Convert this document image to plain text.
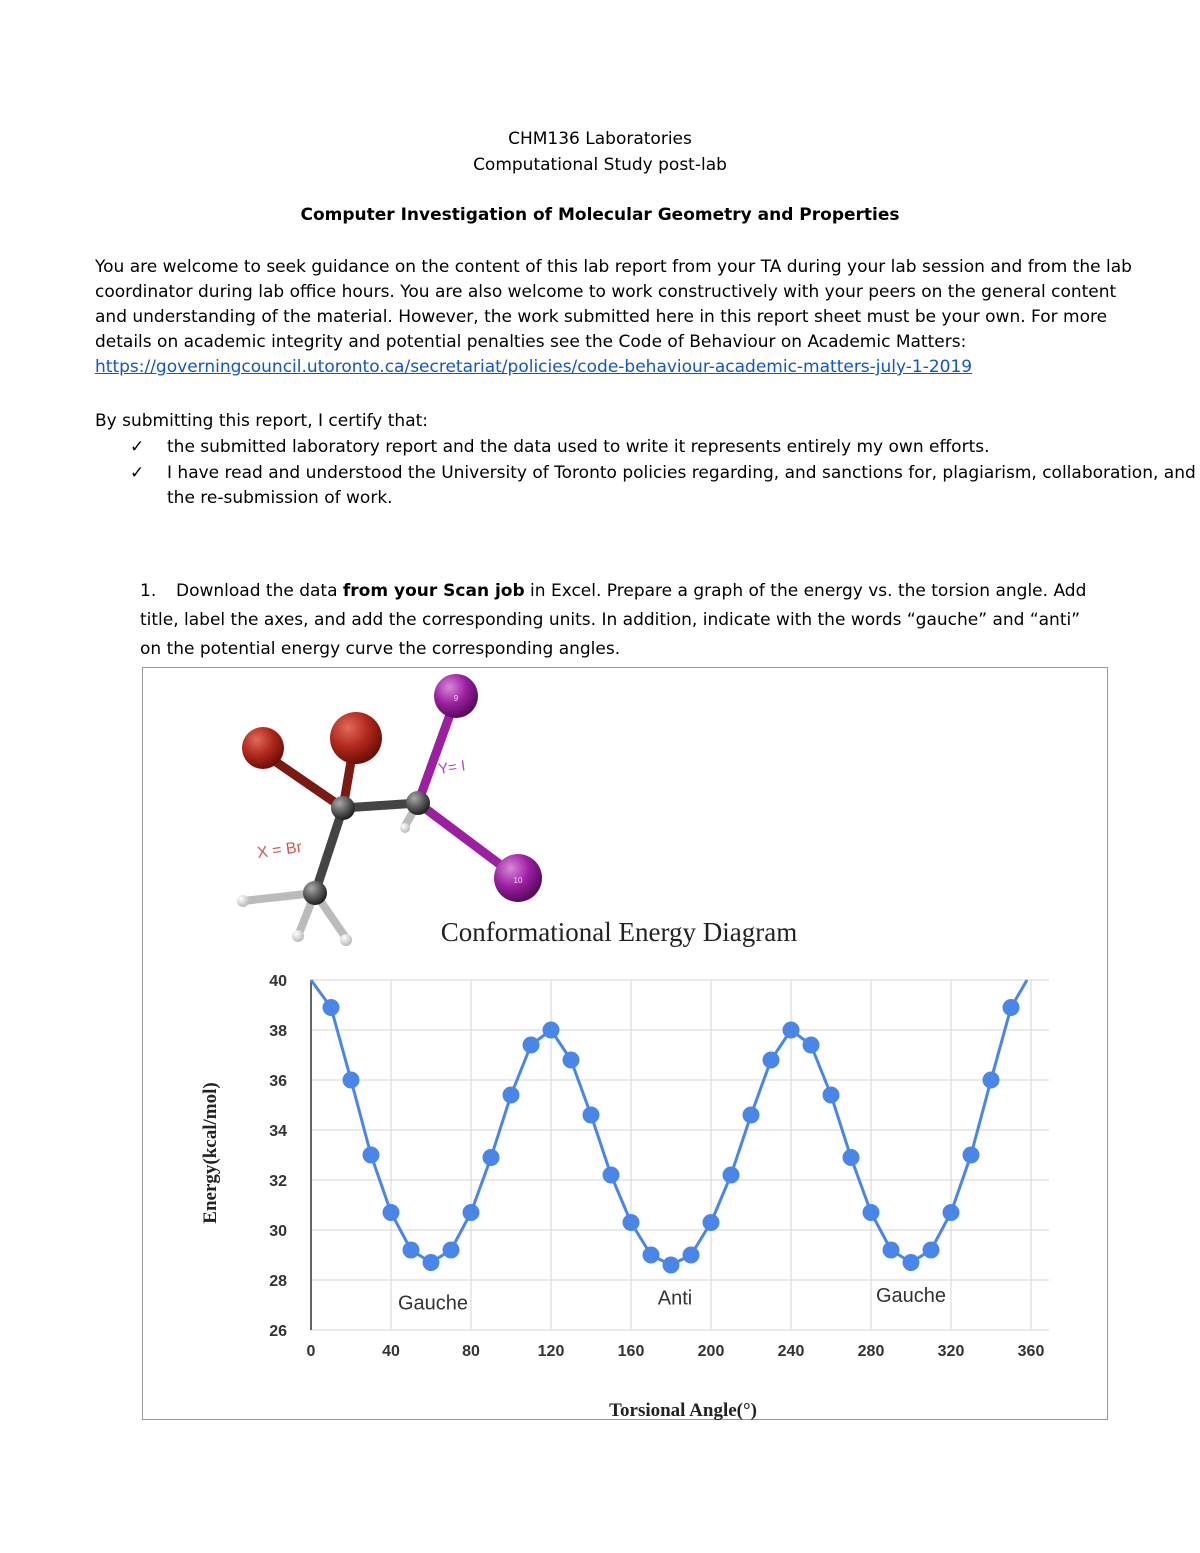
CHM136 Laboratories
Computational Study post-lab
Computer Investigation of Molecular Geometry and Properties
You are welcome to seek guidance on the content of this lab report from your TA during your lab session and from the lab coordinator during lab office hours. You are also welcome to work constructively with your peers on the general content and understanding of the material. However, the work submitted here in this report sheet must be your own. For more details on academic integrity and potential penalties see the Code of Behaviour on Academic Matters: https://governingcouncil.utoronto.ca/secretariat/policies/code-behaviour-academic-matters-july-1-2019
By submitting this report, I certify that:
✓ the submitted laboratory report and the data used to write it represents entirely my own efforts.
✓ I have read and understood the University of Toronto policies regarding, and sanctions for, plagiarism, collaboration, and the re-submission of work.
1. Download the data from your Scan job in Excel. Prepare a graph of the energy vs. the torsion angle. Add title, label the axes, and add the corresponding units. In addition, indicate with the words “gauche” and “anti” on the potential energy curve the corresponding angles.
9
10
X = Br
Y= I
Conformational Energy Diagram
26
28
30
32
34
36
38
40
0	40	80	120	160	200	240	280	320	360
Gauche	Anti	Gauche
Energy(kcal/mol)
Torsional Angle(°)
